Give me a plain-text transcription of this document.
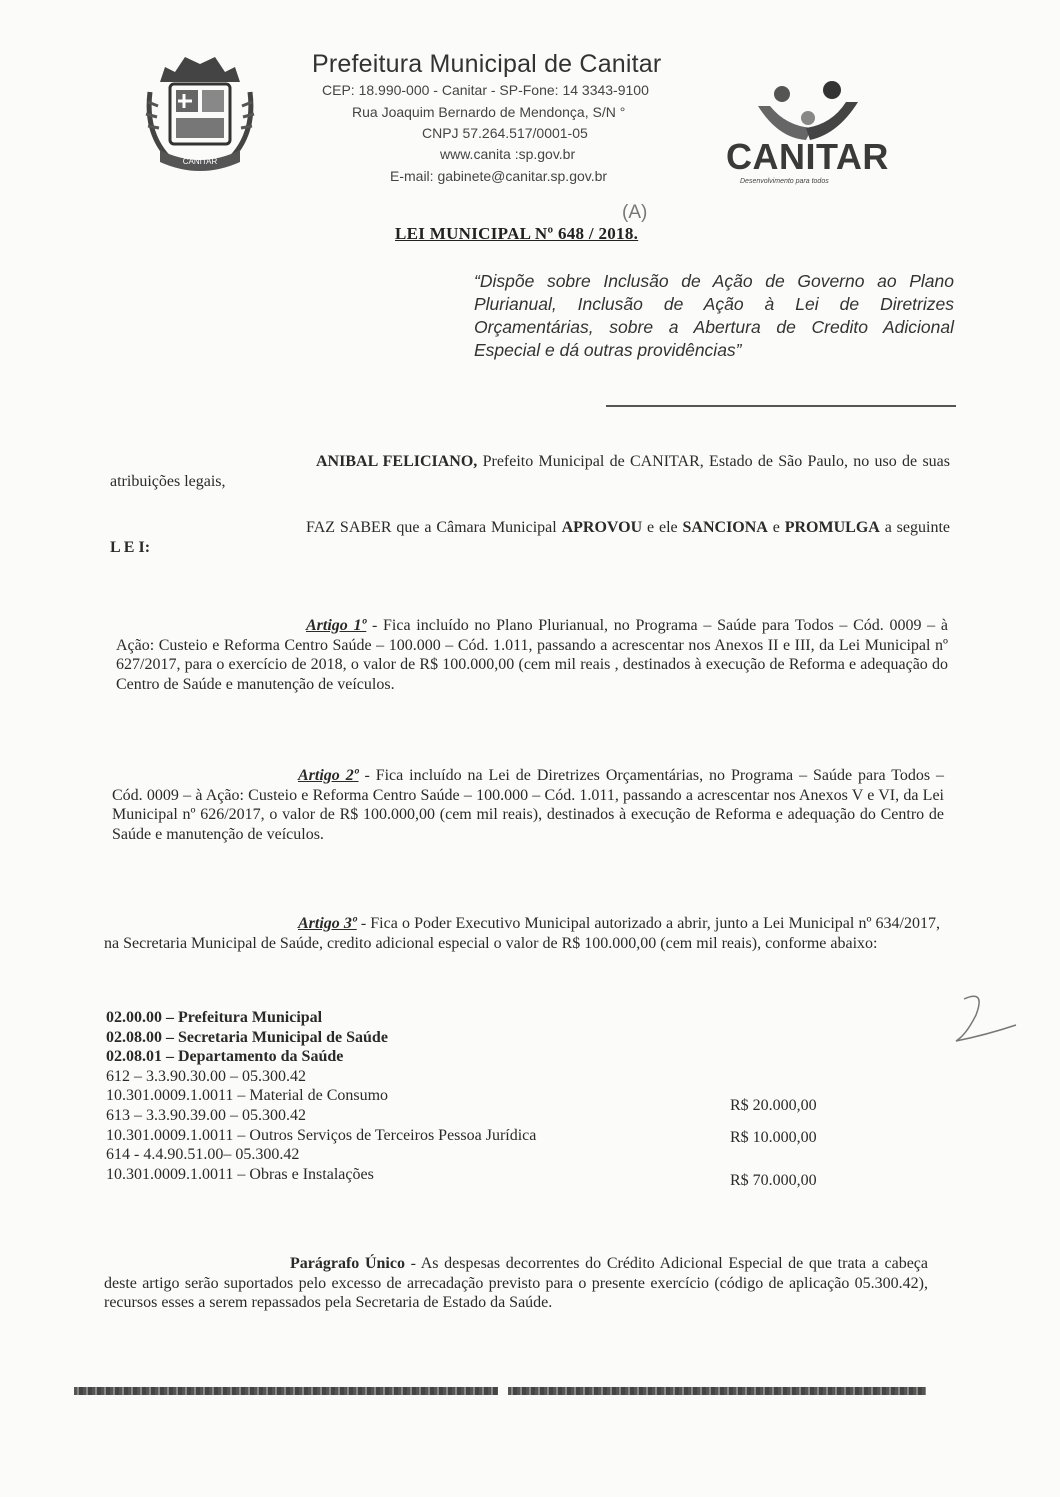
CANITAR
Prefeitura Municipal de Canitar
CEP: 18.990-000 - Canitar - SP-Fone: 14 3343-9100
Rua Joaquim Bernardo de Mendonça, S/N °
CNPJ 57.264.517/0001-05
www.canita :sp.gov.br
E-mail: gabinete@canitar.sp.gov.br	CANITAR
Desenvolvimento para todos
(A)
LEI MUNICIPAL Nº 648 / 2018.
“Dispõe sobre Inclusão de Ação de Governo ao Plano Plurianual, Inclusão de Ação à Lei de Diretrizes Orçamentárias, sobre a Abertura de Credito Adicional Especial e dá outras providências”
ANIBAL FELICIANO, Prefeito Municipal de CANITAR, Estado de São Paulo, no uso de suas atribuições legais,
FAZ SABER que a Câmara Municipal APROVOU e ele SANCIONA e PROMULGA a seguinte L E I:
Artigo 1º - Fica incluído no Plano Plurianual, no Programa – Saúde para Todos – Cód. 0009 – à Ação: Custeio e Reforma Centro Saúde – 100.000 – Cód. 1.011, passando a acrescentar nos Anexos II e III, da Lei Municipal nº 627/2017, para o exercício de 2018, o valor de R$ 100.000,00 (cem mil reais , destinados à execução de Reforma e adequação do Centro de Saúde e manutenção de veículos.
Artigo 2º - Fica incluído na Lei de Diretrizes Orçamentárias, no Programa – Saúde para Todos – Cód. 0009 – à Ação: Custeio e Reforma Centro Saúde – 100.000 – Cód. 1.011, passando a acrescentar nos Anexos V e VI, da Lei Municipal nº 626/2017, o valor de R$ 100.000,00 (cem mil reais), destinados à execução de Reforma e adequação do Centro de Saúde e manutenção de veículos.
Artigo 3º - Fica o Poder Executivo Municipal autorizado a abrir, junto a Lei Municipal nº 634/2017, na Secretaria Municipal de Saúde, credito adicional especial o valor de R$ 100.000,00 (cem mil reais), conforme abaixo:
02.00.00 – Prefeitura Municipal
02.08.00 – Secretaria Municipal de Saúde
02.08.01 – Departamento da Saúde
612 – 3.3.90.30.00 – 05.300.42
10.301.0009.1.0011 – Material de Consumo
R$ 20.000,00
613 – 3.3.90.39.00 – 05.300.42
10.301.0009.1.0011 – Outros Serviços de Terceiros Pessoa Jurídica	R$ 10.000,00
614 - 4.4.90.51.00– 05.300.42
10.301.0009.1.0011 – Obras e Instalações	R$ 70.000,00
Parágrafo Único - As despesas decorrentes do Crédito Adicional Especial de que trata a cabeça deste artigo serão suportados pelo excesso de arrecadação previsto para o presente exercício (código de aplicação 05.300.42), recursos esses a serem repassados pela Secretaria de Estado da Saúde.
